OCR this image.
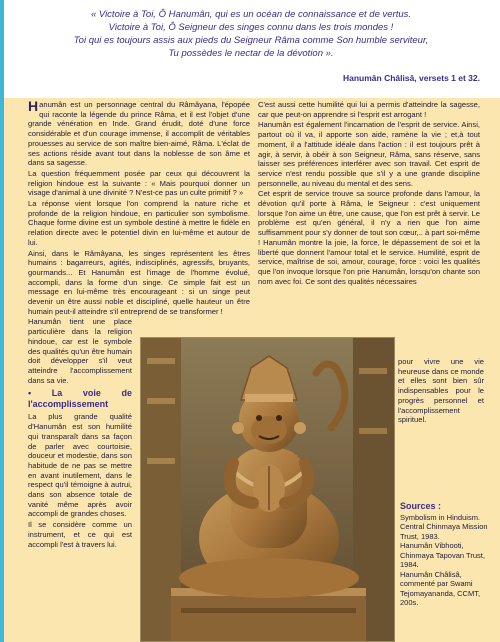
« Victoire à Toi, Ô Hanumân, qui es un océan de connaissance et de vertus.
Victoire à Toi, Ô Seigneur des singes connu dans les trois mondes !
Toi qui es toujours assis aux pieds du Seigneur Râma comme Son humble serviteur,
Tu possèdes le nectar de la dévotion ».

Hanumân Châlisâ, versets 1 et 32.

Hanumân est un personnage central du Râmâyana, l'épopée qui raconte la légende du prince Râma, et il est l'objet d'une grande vénération en Inde. Grand érudit, doté d'une force considérable et d'un courage immense, il accomplit de véritables prouesses au service de son maître bien-aimé, Râma. L'éclat de ses actions réside avant tout dans la noblesse de son âme et dans sa sagesse.

La question fréquemment posée par ceux qui découvrent la religion hindoue est la suivante : « Mais pourquoi donner un visage d'animal à une divinité ? N'est-ce pas un culte primitif ? »

La réponse vient lorsque l'on comprend la nature riche et profonde de la religion hindoue, en particulier son symbolisme. Chaque forme divine est un symbole destiné à mettre le fidèle en relation directe avec le potentiel divin en lui-même et autour de lui.

Ainsi, dans le Râmâyana, les singes représentent les êtres humains : bagarreurs, agités, indisciplinés, agressifs, bruyants, gourmands... Et Hanumân est l'image de l'homme évolué, accompli, dans la forme d'un singe. Ce simple fait est un message en lui-même très encourageant : si un singe peut devenir un être aussi noble et discipliné, quelle hauteur un être humain peut-il atteindre s'il entreprend de se transformer !

Hanumân tient une place particulière dans la religion hindoue, car est le symbole des qualités qu'un être humain doit développer s'il veut atteindre l'accomplissement dans sa vie.

• La voie de l'accomplissement

La plus grande qualité d'Hanumân est son humilité qui transparaît dans sa façon de parler avec courtoisie, douceur et modestie, dans son habitude de ne pas se mettre en avant inutilement, dans le respect qu'il témoigne à autrui, dans son absence totale de vanité même après avoir accompli de grandes choses.

Il se considère comme un instrument, et ce qui est accompli l'est à travers lui.

C'est aussi cette humilité qui lui a permis d'atteindre la sagesse, car que peut-on apprendre si l'esprit est arrogant !

Hanumân est également l'incarnation de l'esprit de service. Ainsi, partout où il va, il apporte son aide, ramène la vie ; et,à tout moment, il a l'attitude idéale dans l'action : il est toujours prêt à agir, à servir, à obéir à son Seigneur, Râma, sans réserve, sans laisser ses préférences interférer avec son travail. Cet esprit de service n'est rendu possible que s'il y a une grande discipline personnelle, au niveau du mental et des sens.

Cet esprit de service trouve sa source profonde dans l'amour, la dévotion qu'il porte à Râma, le Seigneur : c'est uniquement lorsque l'on aime un être, une cause, que l'on est prêt à servir. Le problème est qu'en général, il n'y a rien que l'on aime suffisamment pour s'y donner de tout son cœur,.. à part soi-même ! Hanumân montre la joie, la force, le dépassement de soi et la liberté que donnent l'amour total et le service. Humilité, esprit de service, maîtrise de soi, amour, courage, force : voici les qualités que l'on invoque lorsque l'on prie Hanumân, lorsqu'on chante son nom avec foi. Ce sont des qualités nécessaires

pour vivre une vie heureuse dans ce monde et elles sont bien sûr indispensables pour le progrès personnel et l'accomplissement spirituel.

Sources :

Symbolism in Hinduism. Central Chinmaya Mission Trust, 1983.

Hanumân Vibhooti, Chinmaya Tapovan Trust, 1984.

Hanumân Châlisâ, commenté par Swami Tejomayananda, CCMT, 200s.
